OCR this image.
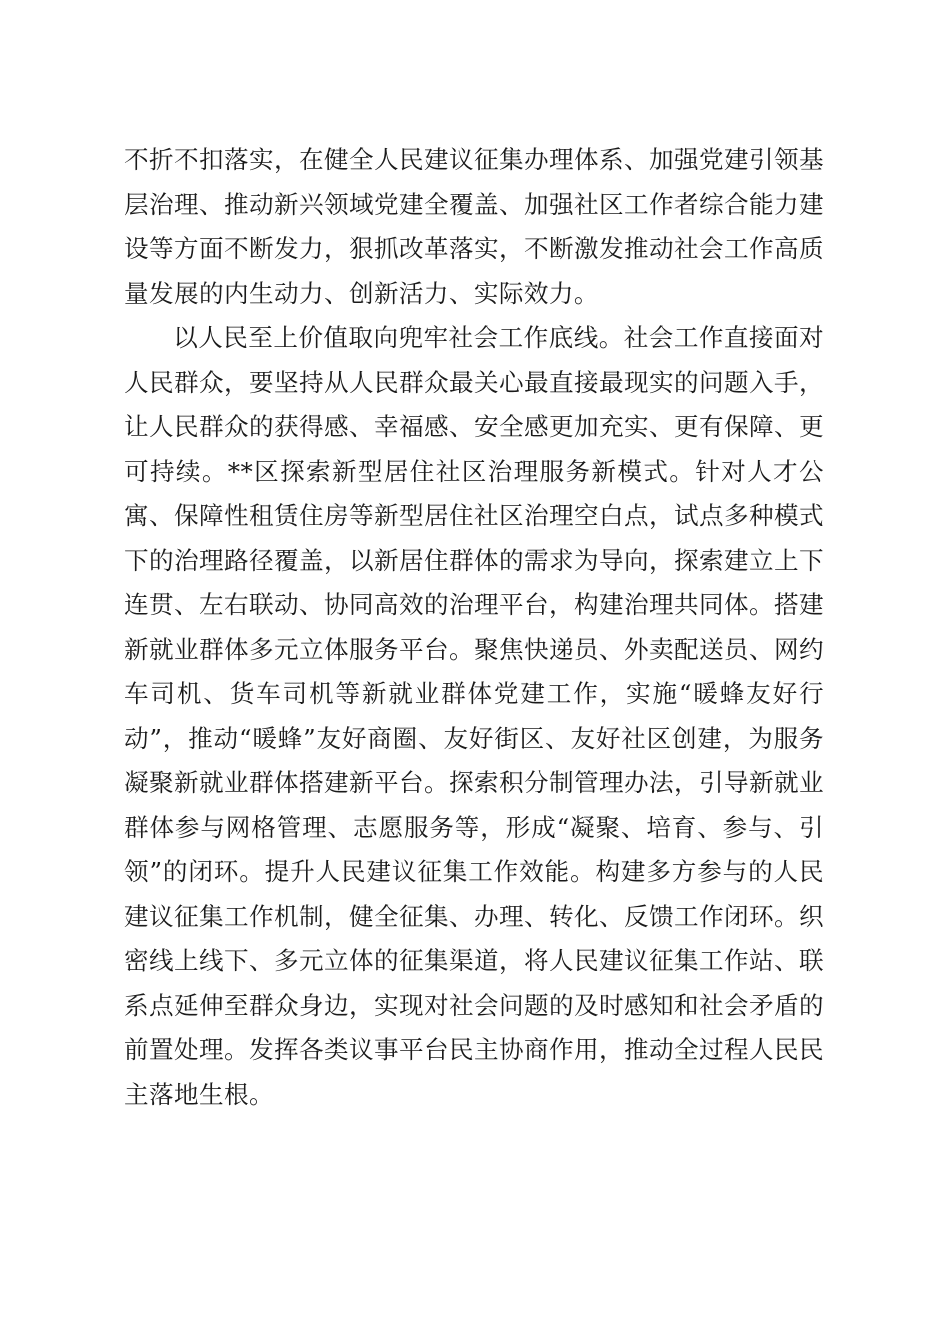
不折不扣落实，在健全人民建议征集办理体系、加强党建引领基层治理、推动新兴领域党建全覆盖、加强社区工作者综合能力建设等方面不断发力，狠抓改革落实，不断激发推动社会工作高质量发展的内生动力、创新活力、实际效力。

以人民至上价值取向兜牢社会工作底线。社会工作直接面对人民群众，要坚持从人民群众最关心最直接最现实的问题入手，让人民群众的获得感、幸福感、安全感更加充实、更有保障、更可持续。**区探索新型居住社区治理服务新模式。针对人才公寓、保障性租赁住房等新型居住社区治理空白点，试点多种模式下的治理路径覆盖，以新居住群体的需求为导向，探索建立上下连贯、左右联动、协同高效的治理平台，构建治理共同体。搭建新就业群体多元立体服务平台。聚焦快递员、外卖配送员、网约车司机、货车司机等新就业群体党建工作，实施“暖蜂友好行动”，推动“暖蜂”友好商圈、友好街区、友好社区创建，为服务凝聚新就业群体搭建新平台。探索积分制管理办法，引导新就业群体参与网格管理、志愿服务等，形成“凝聚、培育、参与、引领”的闭环。提升人民建议征集工作效能。构建多方参与的人民建议征集工作机制，健全征集、办理、转化、反馈工作闭环。织密线上线下、多元立体的征集渠道，将人民建议征集工作站、联系点延伸至群众身边，实现对社会问题的及时感知和社会矛盾的前置处理。发挥各类议事平台民主协商作用，推动全过程人民民主落地生根。
